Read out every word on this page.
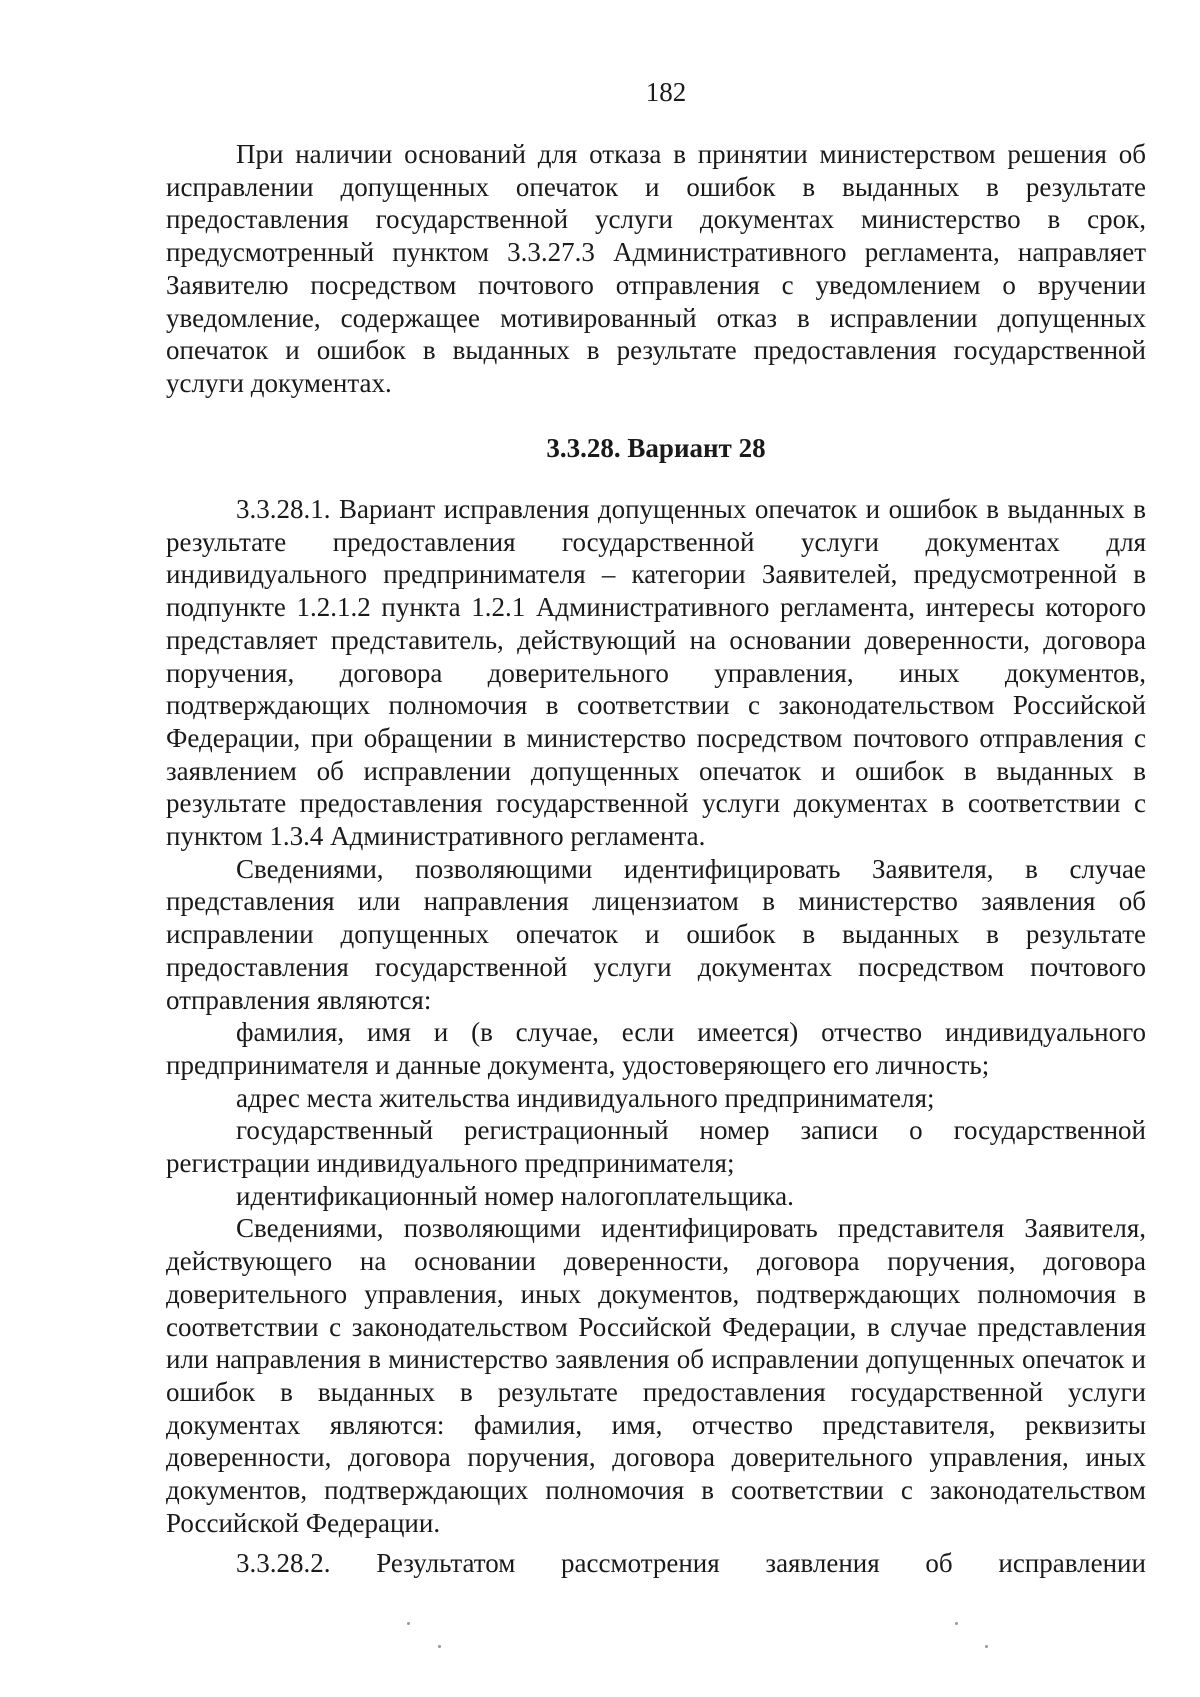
182

При наличии оснований для отказа в принятии министерством решения об исправлении допущенных опечаток и ошибок в выданных в результате предоставления государственной услуги документах министерство в срок, предусмотренный пунктом 3.3.27.3 Административного регламента, направляет Заявителю посредством почтового отправления с уведомлением о вручении уведомление, содержащее мотивированный отказ в исправлении допущенных опечаток и ошибок в выданных в результате предоставления государственной услуги документах.

3.3.28. Вариант 28

3.3.28.1. Вариант исправления допущенных опечаток и ошибок в выданных в результате предоставления государственной услуги документах для индивидуального предпринимателя – категории Заявителей, предусмотренной в подпункте 1.2.1.2 пункта 1.2.1 Административного регламента, интересы которого представляет представитель, действующий на основании доверенности, договора поручения, договора доверительного управления, иных документов, подтверждающих полномочия в соответствии с законодательством Российской Федерации, при обращении в министерство посредством почтового отправления с заявлением об исправлении допущенных опечаток и ошибок в выданных в результате предоставления государственной услуги документах в соответствии с пунктом 1.3.4 Административного регламента.

Сведениями, позволяющими идентифицировать Заявителя, в случае представления или направления лицензиатом в министерство заявления об исправлении допущенных опечаток и ошибок в выданных в результате предоставления государственной услуги документах посредством почтового отправления являются:

фамилия, имя и (в случае, если имеется) отчество индивидуального предпринимателя и данные документа, удостоверяющего его личность;

адрес места жительства индивидуального предпринимателя;

государственный регистрационный номер записи о государственной регистрации индивидуального предпринимателя;

идентификационный номер налогоплательщика.

Сведениями, позволяющими идентифицировать представителя Заявителя, действующего на основании доверенности, договора поручения, договора доверительного управления, иных документов, подтверждающих полномочия в соответствии с законодательством Российской Федерации, в случае представления или направления в министерство заявления об исправлении допущенных опечаток и ошибок в выданных в результате предоставления государственной услуги документах являются: фамилия, имя, отчество представителя, реквизиты доверенности, договора поручения, договора доверительного управления, иных документов, подтверждающих полномочия в соответствии с законодательством Российской Федерации.

3.3.28.2. Результатом рассмотрения заявления об исправлении
